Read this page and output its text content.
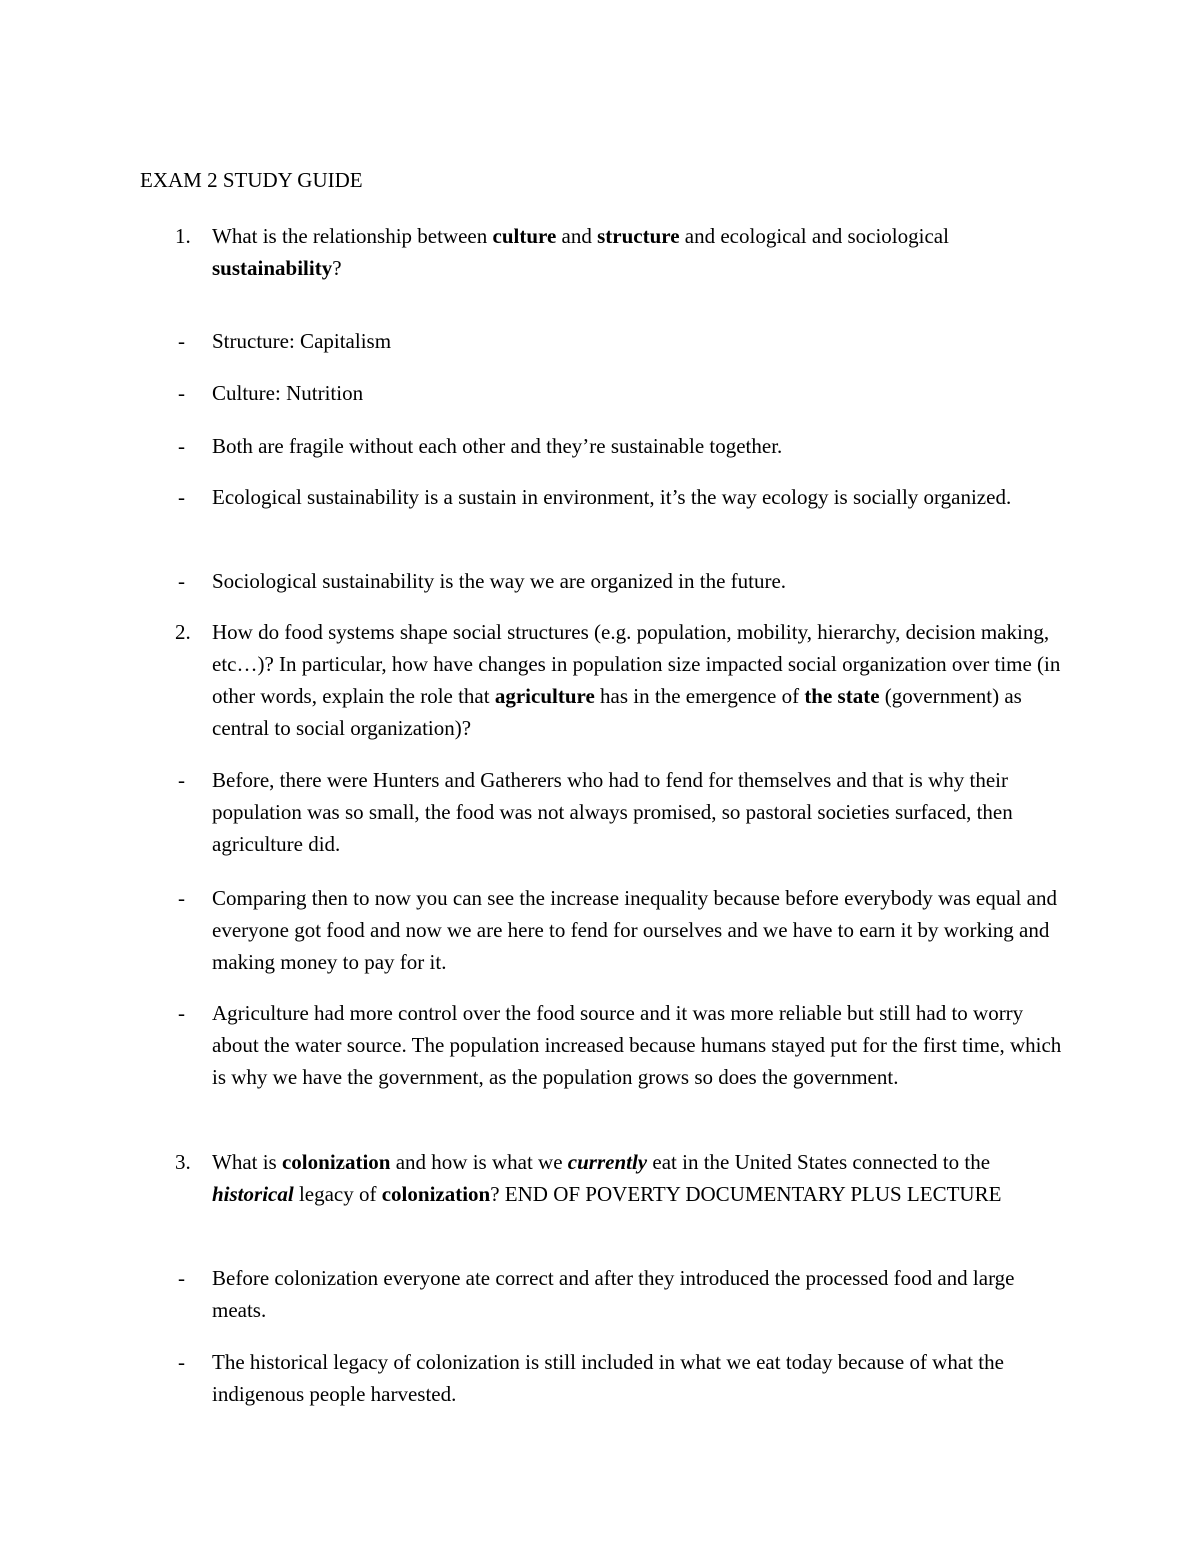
EXAM 2 STUDY GUIDE
1.	What is the relationship between culture and structure and ecological and sociological sustainability?
-	Structure: Capitalism
-	Culture: Nutrition
-	Both are fragile without each other and they’re sustainable together.
-	Ecological sustainability is a sustain in environment, it’s the way ecology is socially organized.
-	Sociological sustainability is the way we are organized in the future.
2.	How do food systems shape social structures (e.g. population, mobility, hierarchy, decision making, etc…)? In particular, how have changes in population size impacted social organization over time (in other words, explain the role that agriculture has in the emergence of the state (government) as central to social organization)?
-	Before, there were Hunters and Gatherers who had to fend for themselves and that is why their population was so small, the food was not always promised, so pastoral societies surfaced, then agriculture did.
-	Comparing then to now you can see the increase inequality because before everybody was equal and everyone got food and now we are here to fend for ourselves and we have to earn it by working and making money to pay for it.
-	Agriculture had more control over the food source and it was more reliable but still had to worry about the water source. The population increased because humans stayed put for the first time, which is why we have the government, as the population grows so does the government.
3.	What is colonization and how is what we currently eat in the United States connected to the historical legacy of colonization? END OF POVERTY DOCUMENTARY PLUS LECTURE
-	Before colonization everyone ate correct and after they introduced the processed food and large meats.
-	The historical legacy of colonization is still included in what we eat today because of what the indigenous people harvested.
